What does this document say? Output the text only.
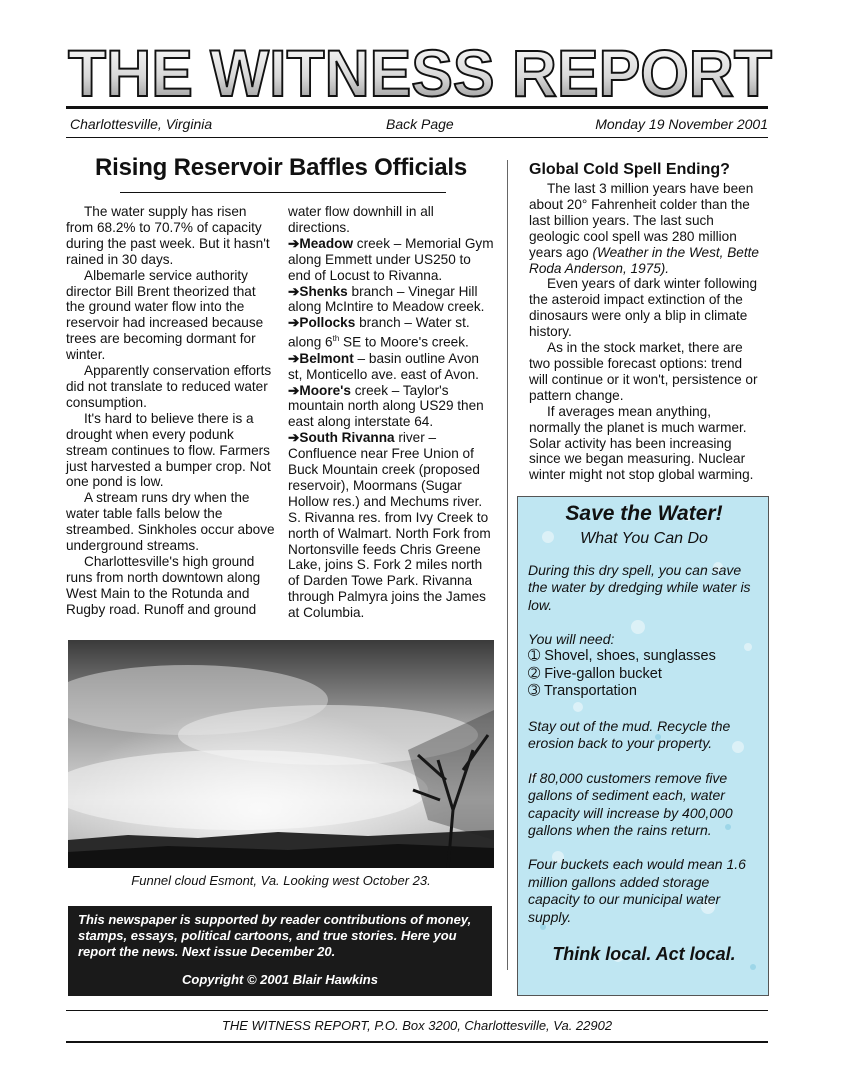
THE WITNESS REPORT
Charlottesville, Virginia	Back Page	Monday 19 November 2001
Rising Reservoir Baffles Officials

The water supply has risen from 68.2% to 70.7% of capacity during the past week. But it hasn't rained in 30 days.

Albemarle service authority director Bill Brent theorized that the ground water flow into the reservoir had increased because trees are becoming dormant for winter.

Apparently conservation efforts did not translate to reduced water consumption.

It's hard to believe there is a drought when every podunk stream continues to flow. Farmers just harvested a bumper crop. Not one pond is low.

A stream runs dry when the water table falls below the streambed. Sinkholes occur above underground streams.

Charlottesville's high ground runs from north downtown along West Main to the Rotunda and Rugby road. Runoff and ground

water flow downhill in all directions.

➔Meadow creek – Memorial Gym along Emmett under US250 to end of Locust to Rivanna.

➔Shenks branch – Vinegar Hill along McIntire to Meadow creek.

➔Pollocks branch – Water st. along 6th SE to Moore's creek.

➔Belmont – basin outline Avon st, Monticello ave. east of Avon.

➔Moore's creek – Taylor's mountain north along US29 then east along interstate 64.

➔South Rivanna river – Confluence near Free Union of Buck Mountain creek (proposed reservoir), Moormans (Sugar Hollow res.) and Mechums river. S. Rivanna res. from Ivy Creek to north of Walmart. North Fork from Nortonsville feeds Chris Greene Lake, joins S. Fork 2 miles north of Darden Towe Park. Rivanna through Palmyra joins the James at Columbia.

Funnel cloud Esmont, Va. Looking west October 23.
This newspaper is supported by reader contributions of money, stamps, essays, political cartoons, and true stories. Here you report the news. Next issue December 20.
Copyright © 2001 Blair Hawkins
Global Cold Spell Ending?

The last 3 million years have been about 20° Fahrenheit colder than the last billion years. The last such geologic cool spell was 280 million years ago (Weather in the West, Bette Roda Anderson, 1975).

Even years of dark winter following the asteroid impact extinction of the dinosaurs were only a blip in climate history.

As in the stock market, there are two possible forecast options: trend will continue or it won't, persistence or pattern change.

If averages mean anything, normally the planet is much warmer. Solar activity has been increasing since we began measuring. Nuclear winter might not stop global warming.

Save the Water!
What You Can Do

During this dry spell, you can save the water by dredging while water is low.

You will need:

➀ Shovel, shoes, sunglasses
➁ Five-gallon bucket
➂ Transportation

Stay out of the mud. Recycle the erosion back to your property.

If 80,000 customers remove five gallons of sediment each, water capacity will increase by 400,000 gallons when the rains return.

Four buckets each would mean 1.6 million gallons added storage capacity to our municipal water supply.

Think local. Act local.
THE WITNESS REPORT, P.O. Box 3200, Charlottesville, Va. 22902
